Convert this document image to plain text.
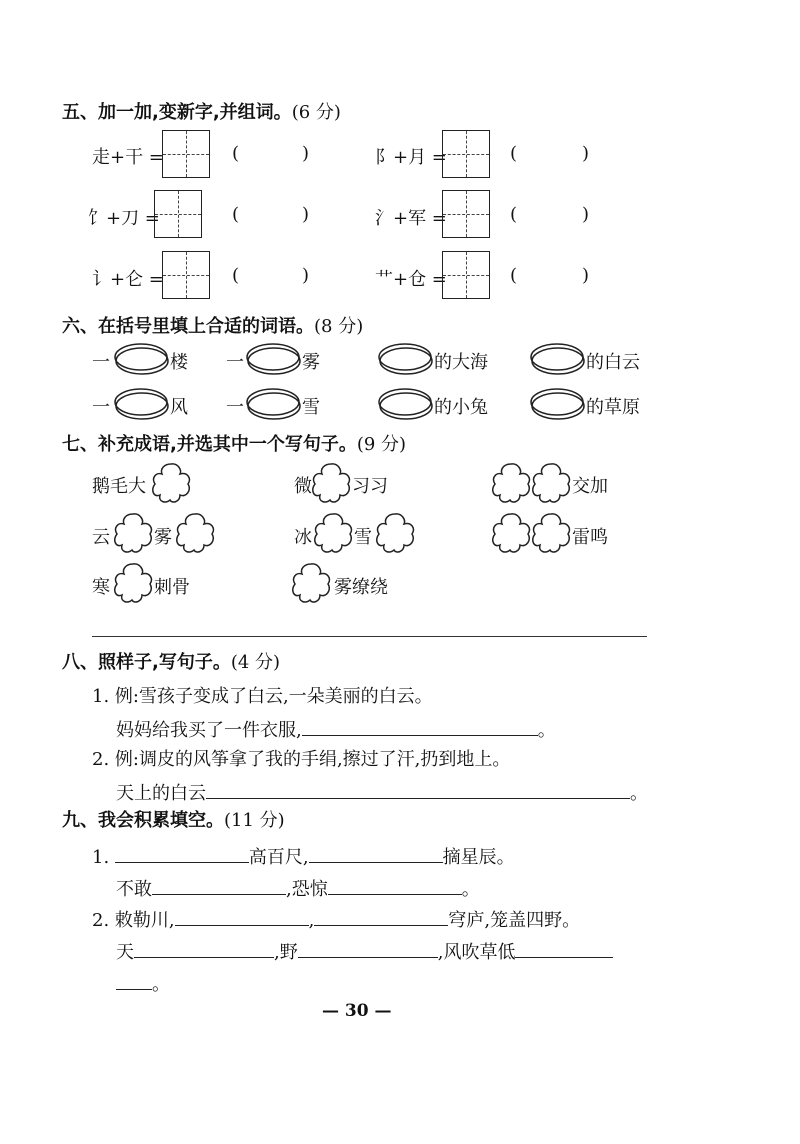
五、加一加,变新字,并组词。(6 分)
走+干 =	(	)	阝+月 =	(	)
饣+刀 =	(	)	氵+军 =	(	)
讠+仑 =	(	)	艹+仓 =	(	)
六、在括号里填上合适的词语。(8 分)
一	楼 一	雾	的大海	的白云
一	风 一	雪	的小兔	的草原
七、补充成语,并选其中一个写句子。(9 分)
鹅毛大	微 习习	交加
云 雾	冰 雪	雷鸣
寒 刺骨	雾缭绕
八、照样子,写句子。(4 分)
1. 例:雪孩子变成了白云,一朵美丽的白云。
妈妈给我买了一件衣服,	。
2. 例:调皮的风筝拿了我的手绢,擦过了汗,扔到地上。
天上的白云	。
九、我会积累填空。(11 分)
1.	高百尺,	摘星辰。
不敢	,恐惊	。
2. 敕勒川,	,	穹庐,笼盖四野。
天	,野	,风吹草低
。
— 30 —
